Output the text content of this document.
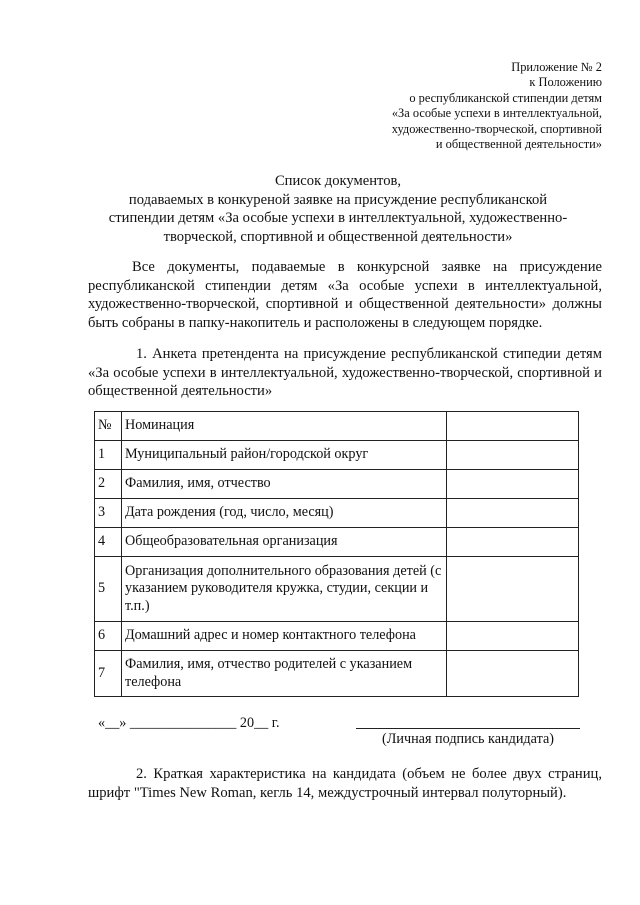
Приложение № 2
к Положению
о республиканской стипендии детям
«За особые успехи в интеллектуальной,
художественно-творческой, спортивной
и общественной деятельности»
Список документов,
подаваемых в конкуреной заявке на присуждение республиканской
стипендии детям «За особые успехи в интеллектуальной, художественно-
творческой, спортивной и общественной деятельности»
Все документы, подаваемые в конкурсной заявке на присуждение республиканской стипендии детям «За особые успехи в интеллектуальной, художественно-творческой, спортивной и общественной деятельности» должны быть собраны в папку-накопитель и расположены в следующем порядке.
1. Анкета претендента на присуждение республиканской стипедии детям «За особые успехи в интеллектуальной, художественно-творческой, спортивной и общественной деятельности»
№	Номинация	
1	Муниципальный район/городской округ	
2	Фамилия, имя, отчество	
3	Дата рождения (год, число, месяц)	
4	Общеобразовательная организация	
5	Организация дополнительного образования детей (с указанием руководителя кружка, студии, секции и т.п.)	
6	Домашний адрес и номер контактного телефона	
7	Фамилия, имя, отчество родителей с указанием телефона	
«__» _______________ 20__ г.
(Личная подпись кандидата)
2. Краткая характеристика на кандидата (объем не более двух страниц, шрифт "Times New Roman, кегль 14, междустрочный интервал полуторный).
